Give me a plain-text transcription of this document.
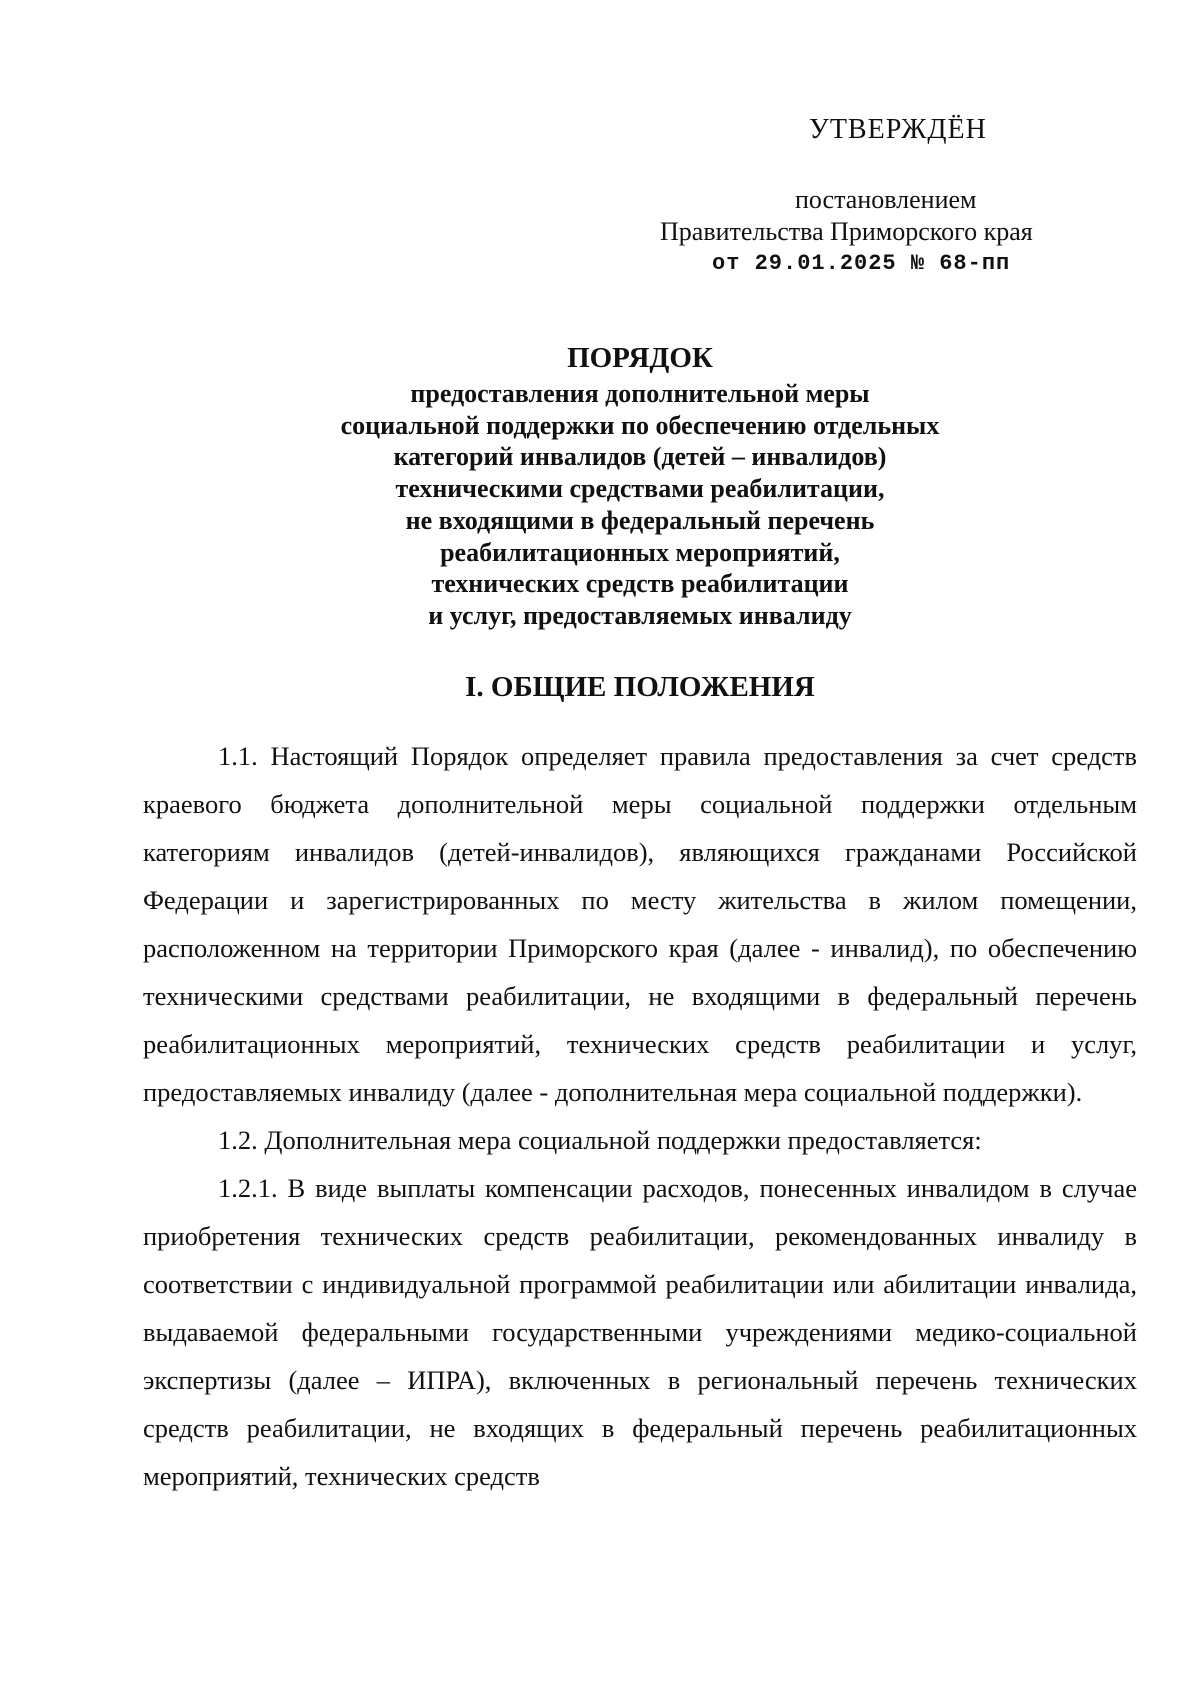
УТВЕРЖДЁН
постановлением
Правительства Приморского края
от 29.01.2025 № 68-пп
ПОРЯДОК
предоставления дополнительной меры
социальной поддержки по обеспечению отдельных
категорий инвалидов (детей – инвалидов)
техническими средствами реабилитации,
не входящими в федеральный перечень
реабилитационных мероприятий,
технических средств реабилитации
и услуг, предоставляемых инвалиду
I. ОБЩИЕ ПОЛОЖЕНИЯ

1.1. Настоящий Порядок определяет правила предоставления за счет средств краевого бюджета дополнительной меры социальной поддержки отдельным категориям инвалидов (детей-инвалидов), являющихся гражданами Российской Федерации и зарегистрированных по месту жительства в жилом помещении, расположенном на территории Приморского края (далее - инвалид), по обеспечению техническими средствами реабилитации, не входящими в федеральный перечень реабилитационных мероприятий, технических средств реабилитации и услуг, предоставляемых инвалиду (далее - дополнительная мера социальной поддержки).

1.2. Дополнительная мера социальной поддержки предоставляется:

1.2.1. В виде выплаты компенсации расходов, понесенных инвалидом в случае приобретения технических средств реабилитации, рекомендованных инвалиду в соответствии с индивидуальной программой реабилитации или абилитации инвалида, выдаваемой федеральными государственными учреждениями медико-социальной экспертизы (далее – ИПРА), включенных в региональный перечень технических средств реабилитации, не входящих в федеральный перечень реабилитационных мероприятий, технических средств
